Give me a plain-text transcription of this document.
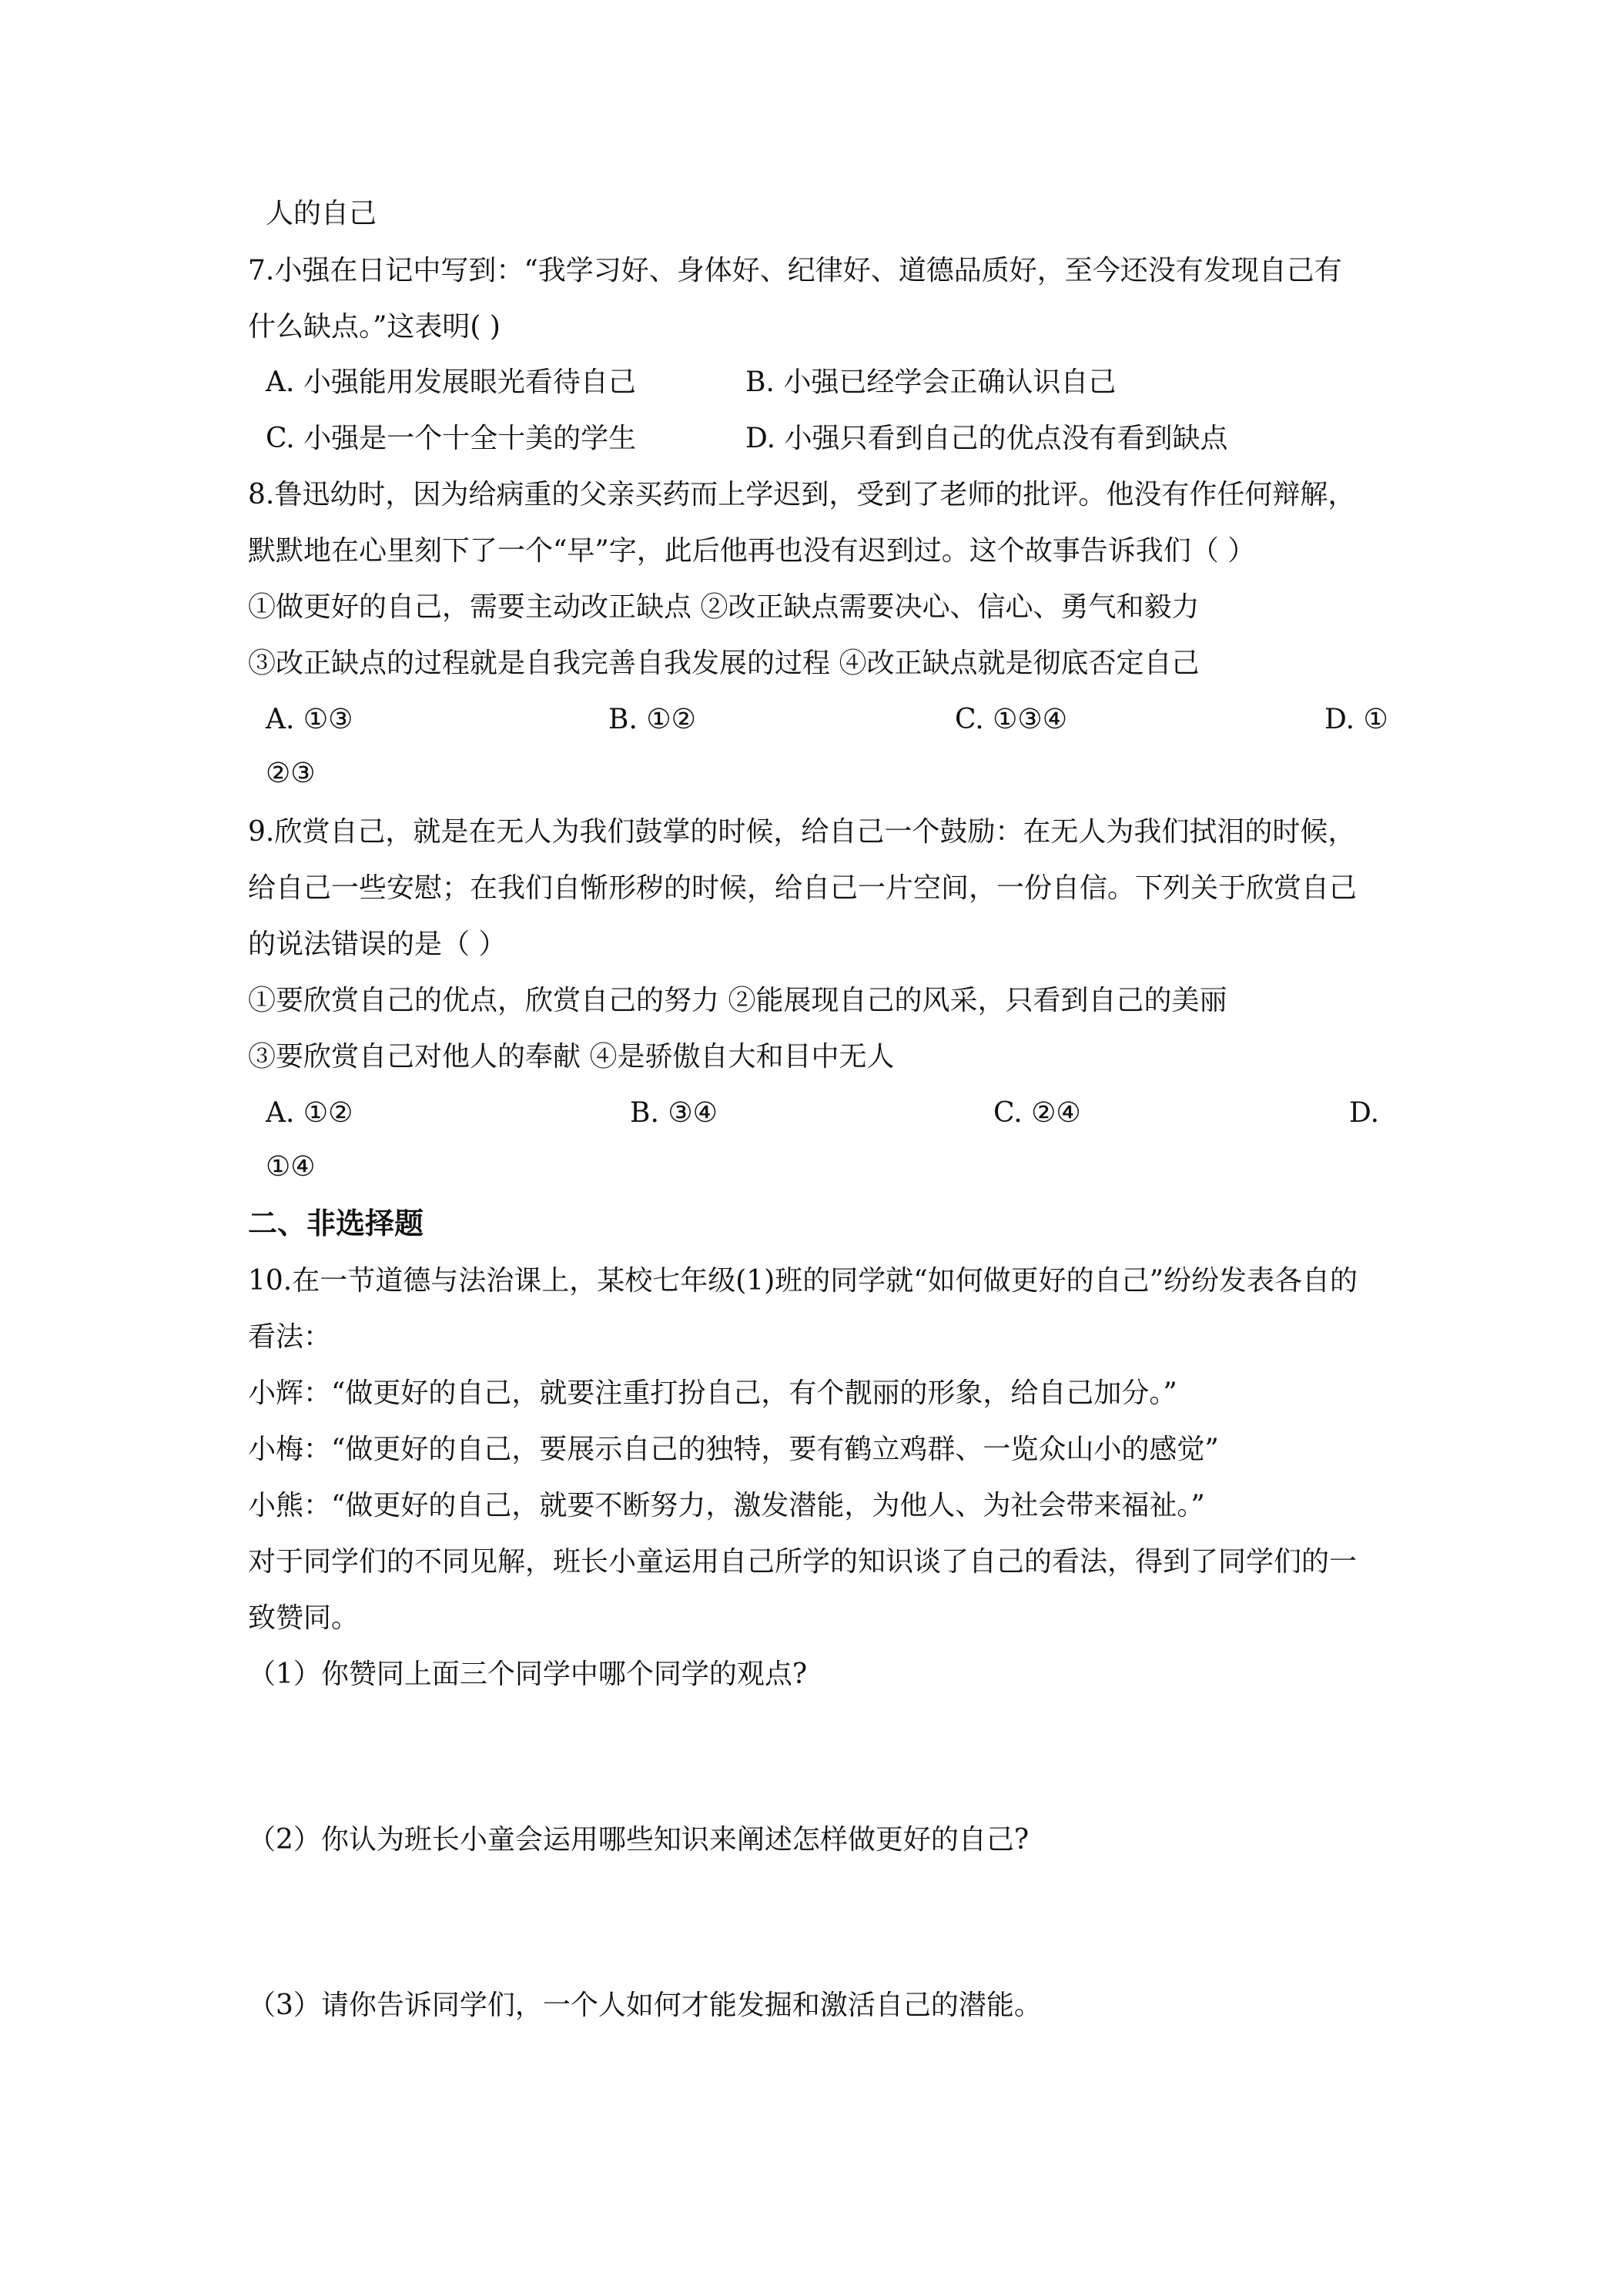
人的自己

7.小强在日记中写到：“我学习好、身体好、纪律好、道德品质好，至今还没有发现自己有

什么缺点。”这表明( )

A. 小强能用发展眼光看待自己	B. 小强已经学会正确认识自己
C. 小强是一个十全十美的学生	D. 小强只看到自己的优点没有看到缺点

8.鲁迅幼时，因为给病重的父亲买药而上学迟到，受到了老师的批评。他没有作任何辩解，

默默地在心里刻下了一个“早”字，此后他再也没有迟到过。这个故事告诉我们（ ）

①做更好的自己，需要主动改正缺点 ②改正缺点需要决心、信心、勇气和毅力

③改正缺点的过程就是自我完善自我发展的过程 ④改正缺点就是彻底否定自己

A. ①③	B. ①②	C. ①③④	D. ①
②③

9.欣赏自己，就是在无人为我们鼓掌的时候，给自己一个鼓励：在无人为我们拭泪的时候，

给自己一些安慰；在我们自惭形秽的时候，给自己一片空间，一份自信。下列关于欣赏自己

的说法错误的是（ ）

①要欣赏自己的优点，欣赏自己的努力 ②能展现自己的风采，只看到自己的美丽

③要欣赏自己对他人的奉献 ④是骄傲自大和目中无人

A. ①②	B. ③④	C. ②④	D.
①④

二、非选择题

10.在一节道德与法治课上，某校七年级(1)班的同学就“如何做更好的自己”纷纷发表各自的

看法：

小辉：“做更好的自己，就要注重打扮自己，有个靓丽的形象，给自己加分。”

小梅：“做更好的自己，要展示自己的独特，要有鹤立鸡群、一览众山小的感觉”

小熊：“做更好的自己，就要不断努力，激发潜能，为他人、为社会带来福祉。”

对于同学们的不同见解，班长小童运用自己所学的知识谈了自己的看法，得到了同学们的一

致赞同。

（1）你赞同上面三个同学中哪个同学的观点?

（2）你认为班长小童会运用哪些知识来阐述怎样做更好的自己?

（3）请你告诉同学们，一个人如何才能发掘和激活自己的潜能。
